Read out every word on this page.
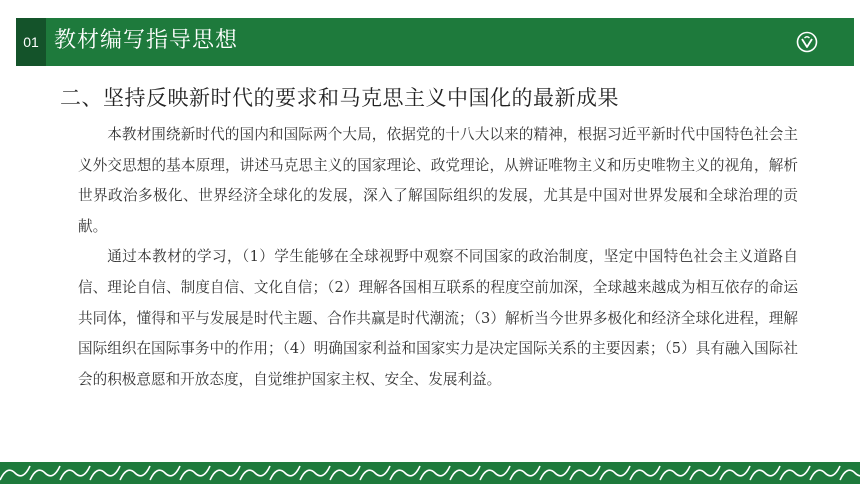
01 教材编写指导思想
二、坚持反映新时代的要求和马克思主义中国化的最新成果

本教材围绕新时代的国内和国际两个大局，依据党的十八大以来的精神，根据习近平新时代中国特色社会主义外交思想的基本原理，讲述马克思主义的国家理论、政党理论，从辨证唯物主义和历史唯物主义的视角，解析世界政治多极化、世界经济全球化的发展，深入了解国际组织的发展，尤其是中国对世界发展和全球治理的贡献。

通过本教材的学习，（1）学生能够在全球视野中观察不同国家的政治制度，坚定中国特色社会主义道路自信、理论自信、制度自信、文化自信；（2）理解各国相互联系的程度空前加深，全球越来越成为相互依存的命运共同体，懂得和平与发展是时代主题、合作共赢是时代潮流；（3）解析当今世界多极化和经济全球化进程，理解国际组织在国际事务中的作用；（4）明确国家利益和国家实力是决定国际关系的主要因素；（5）具有融入国际社会的积极意愿和开放态度，自觉维护国家主权、安全、发展利益。
